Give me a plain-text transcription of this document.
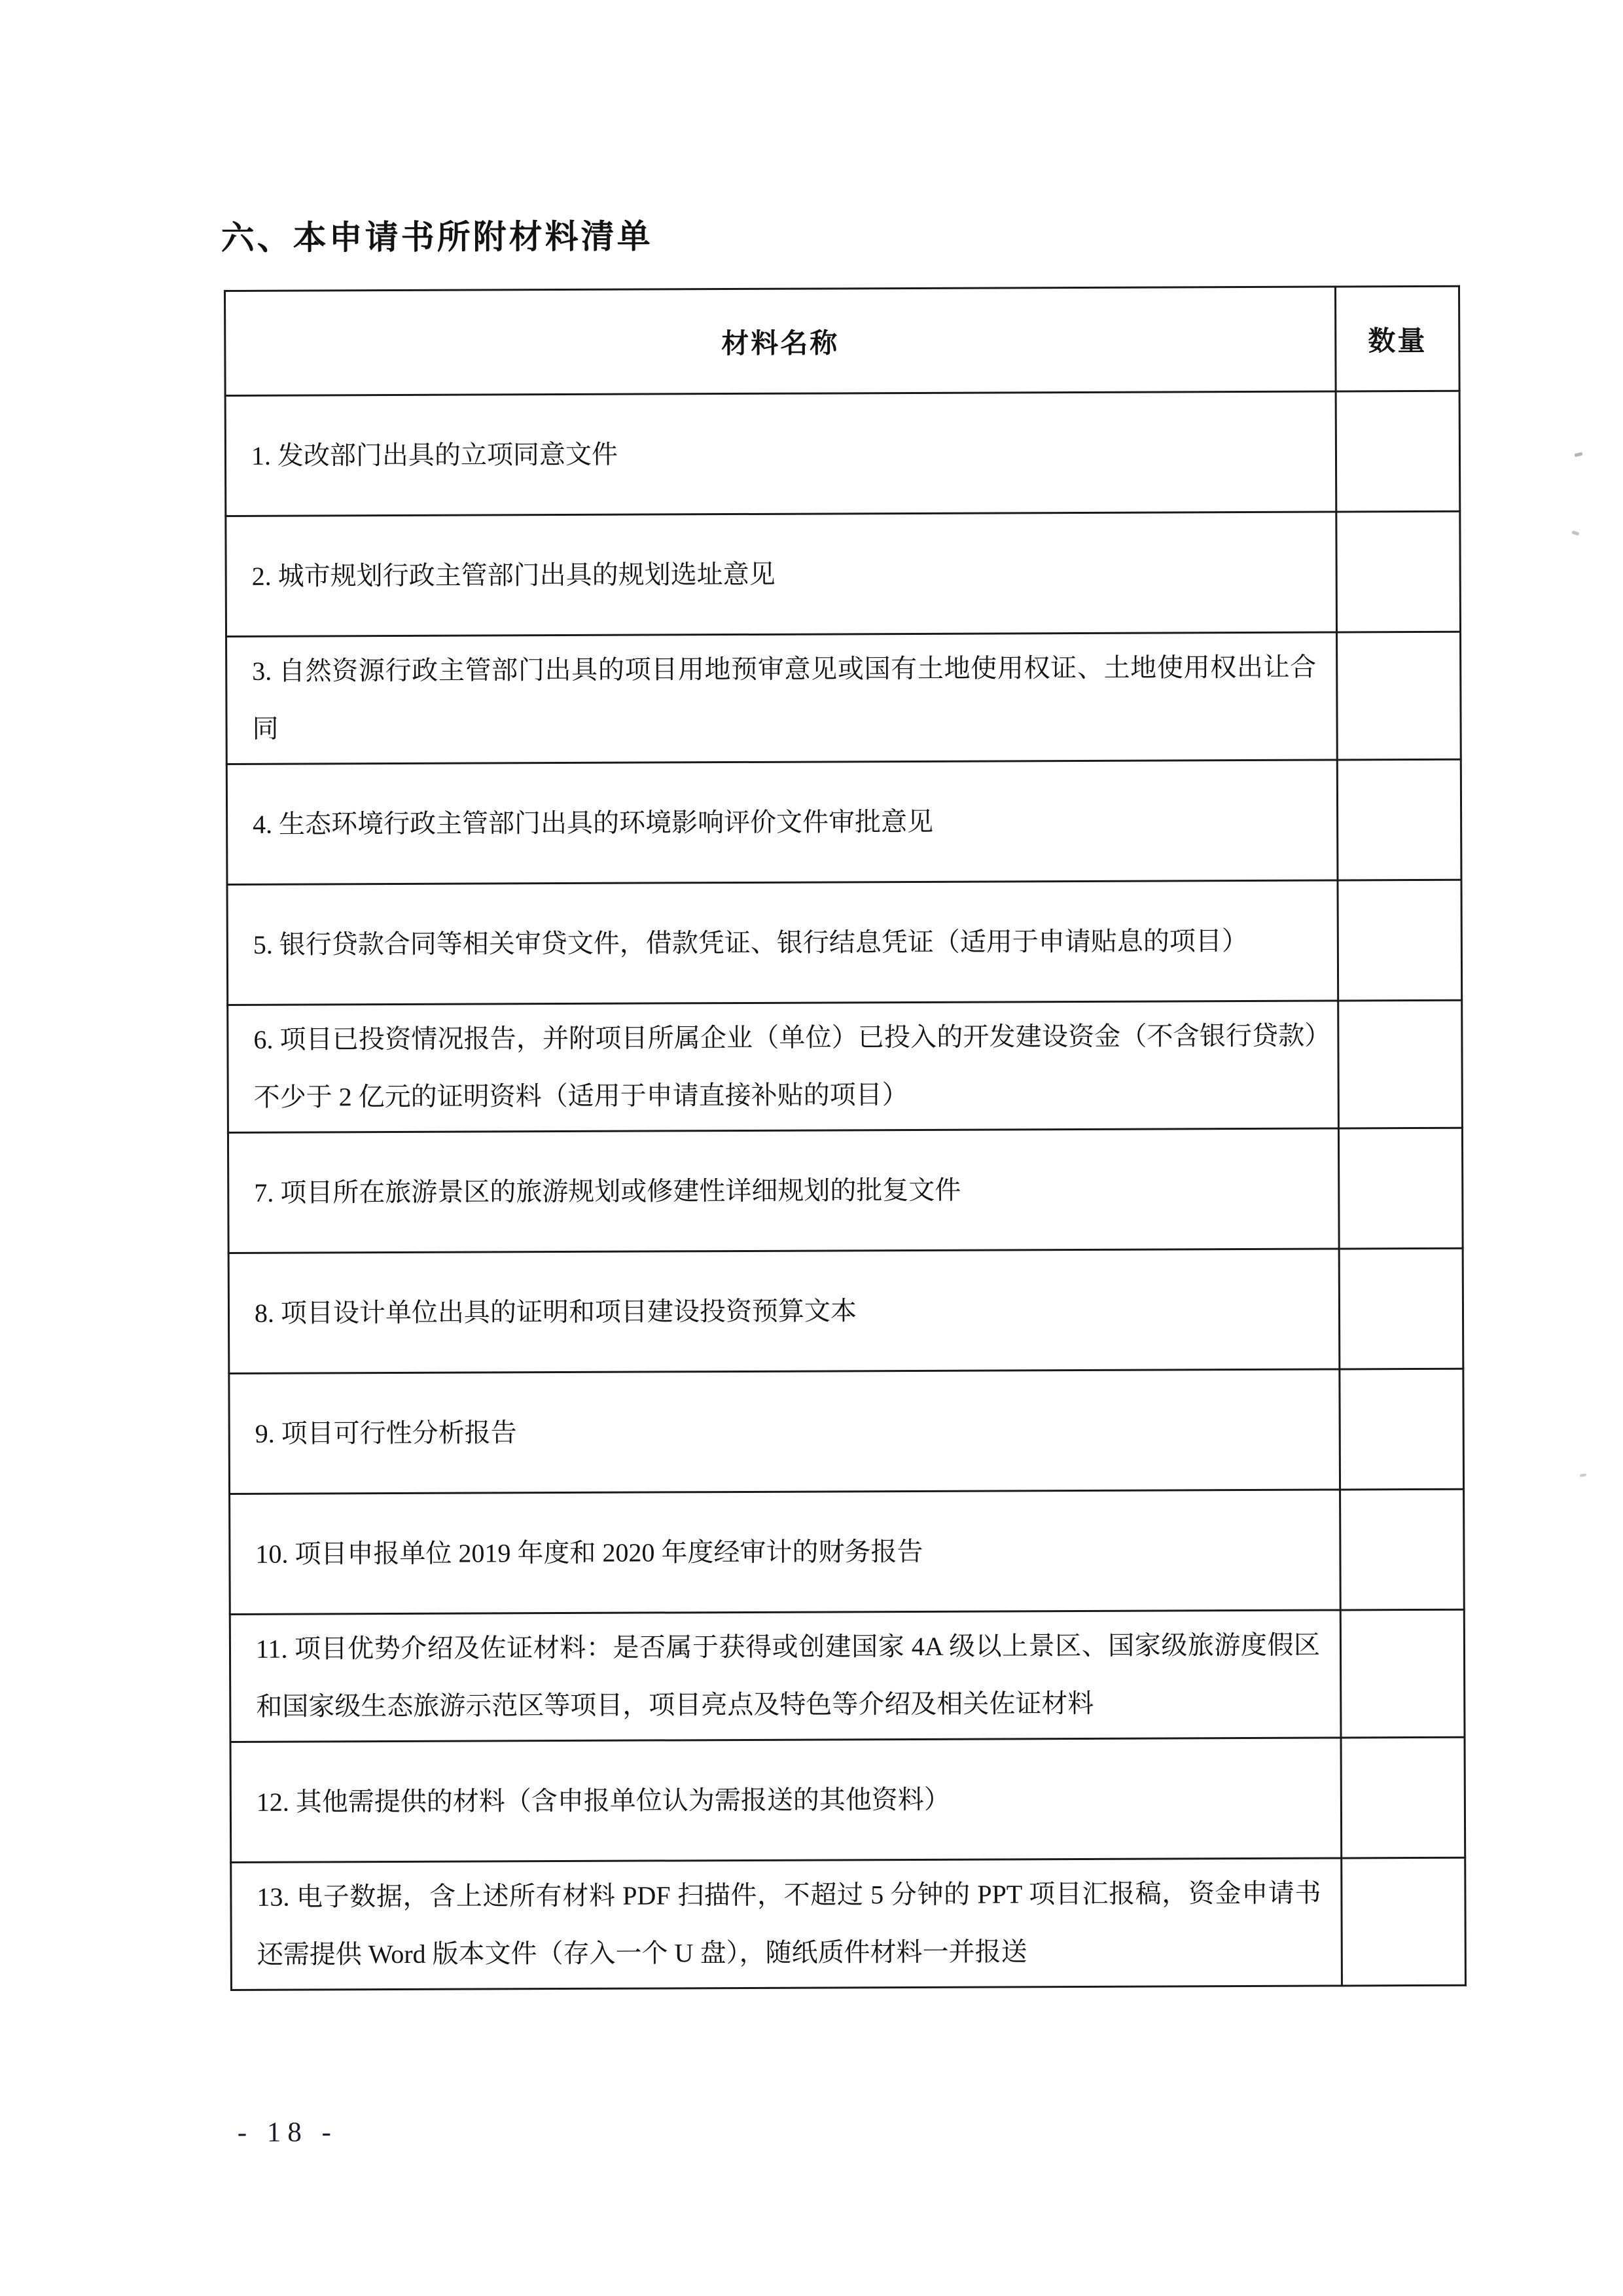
六、本申请书所附材料清单
材料名称	数量
1. 发改部门出具的立项同意文件	
2. 城市规划行政主管部门出具的规划选址意见	
3. 自然资源行政主管部门出具的项目用地预审意见或国有土地使用权证、土地使用权出让合同	
4. 生态环境行政主管部门出具的环境影响评价文件审批意见	
5. 银行贷款合同等相关审贷文件，借款凭证、银行结息凭证（适用于申请贴息的项目）	
6. 项目已投资情况报告，并附项目所属企业（单位）已投入的开发建设资金（不含银行贷款）不少于 2 亿元的证明资料（适用于申请直接补贴的项目）	
7. 项目所在旅游景区的旅游规划或修建性详细规划的批复文件	
8. 项目设计单位出具的证明和项目建设投资预算文本	
9. 项目可行性分析报告	
10. 项目申报单位 2019 年度和 2020 年度经审计的财务报告	
11. 项目优势介绍及佐证材料：是否属于获得或创建国家 4A 级以上景区、国家级旅游度假区和国家级生态旅游示范区等项目，项目亮点及特色等介绍及相关佐证材料	
12. 其他需提供的材料（含申报单位认为需报送的其他资料）	
13. 电子数据，含上述所有材料 PDF 扫描件，不超过 5 分钟的 PPT 项目汇报稿，资金申请书还需提供 Word 版本文件（存入一个 U 盘），随纸质件材料一并报送	
- 18 -
